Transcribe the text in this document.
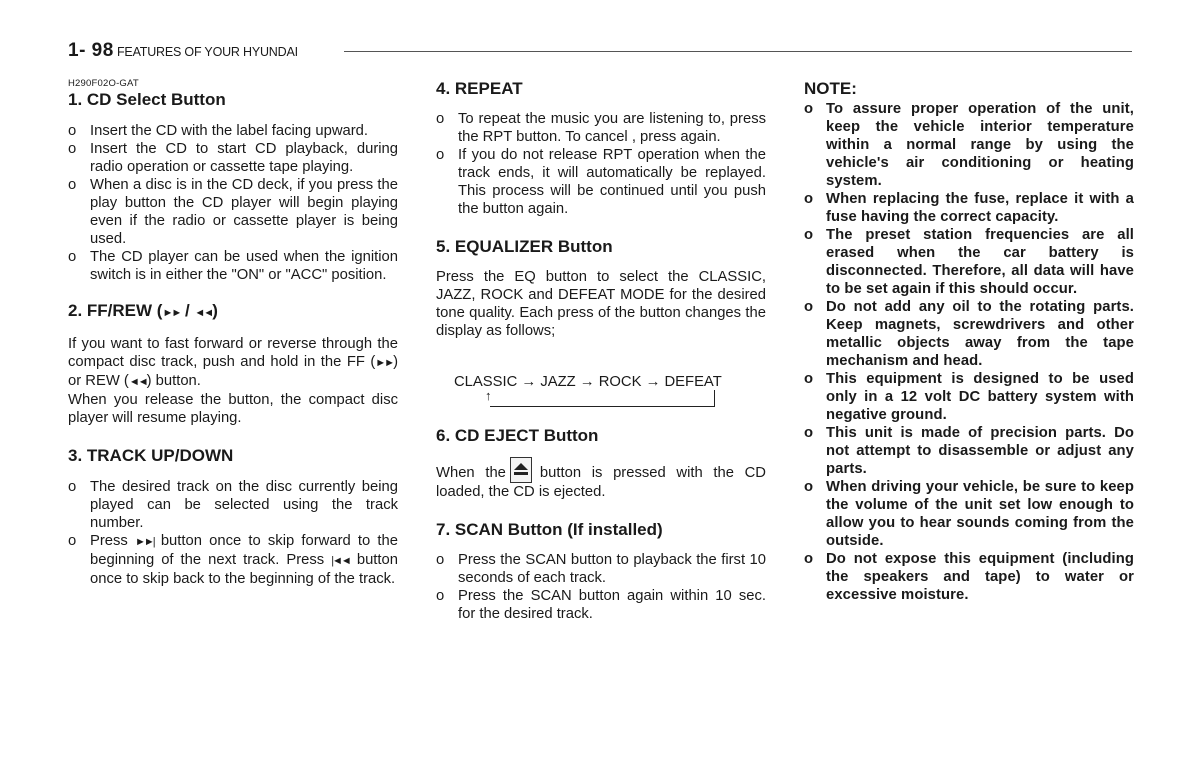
1- 98 FEATURES OF YOUR HYUNDAI

H290F02O-GAT

1. CD Select Button
o Insert the CD with the label facing upward.
o Insert the CD to start CD playback, during radio operation or cassette tape playing.
o When a disc is in the CD deck, if you press the play button the CD player will begin playing even if the radio or cassette player is being used.
o The CD player can be used when the ignition switch is in either the "ON" or "ACC" position.
2. FF/REW (►► / ◄◄)

If you want to fast forward or reverse through the compact disc track, push and hold in the FF (►►) or REW (◄◄) button.

When you release the button, the compact disc player will resume playing.

3. TRACK UP/DOWN
o The desired track on the disc currently being played can be selected using the track number.
o Press ►►| button once to skip forward to the beginning of the next track. Press |◄◄ button once to skip back to the beginning of the track.
4. REPEAT
o To repeat the music you are listening to, press the RPT button. To cancel , press again.
o If you do not release RPT operation when the track ends, it will automatically be replayed. This process will be continued until you push the button again.
5. EQUALIZER Button

Press the EQ button to select the CLASSIC, JAZZ, ROCK and DEFEAT MODE for the desired tone quality. Each press of the button changes the display as follows;

CLASSIC → JAZZ → ROCK → DEFEAT
↑
6. CD EJECT Button

When the button is pressed with the CD loaded, the CD is ejected.

7. SCAN Button (If installed)
o Press the SCAN button to playback the first 10 seconds of each track.
o Press the SCAN button again within 10 sec. for the desired track.
NOTE:
o To assure proper operation of the unit, keep the vehicle interior temperature within a normal range by using the vehicle's air conditioning or heating system.
o When replacing the fuse, replace it with a fuse having the correct capacity.
o The preset station frequencies are all erased when the car battery is disconnected. Therefore, all data will have to be set again if this should occur.
o Do not add any oil to the rotating parts. Keep magnets, screwdrivers and other metallic objects away from the tape mechanism and head.
o This equipment is designed to be used only in a 12 volt DC battery system with negative ground.
o This unit is made of precision parts. Do not attempt to disassemble or adjust any parts.
o When driving your vehicle, be sure to keep the volume of the unit set low enough to allow you to hear sounds coming from the outside.
o Do not expose this equipment (including the speakers and tape) to water or excessive moisture.
